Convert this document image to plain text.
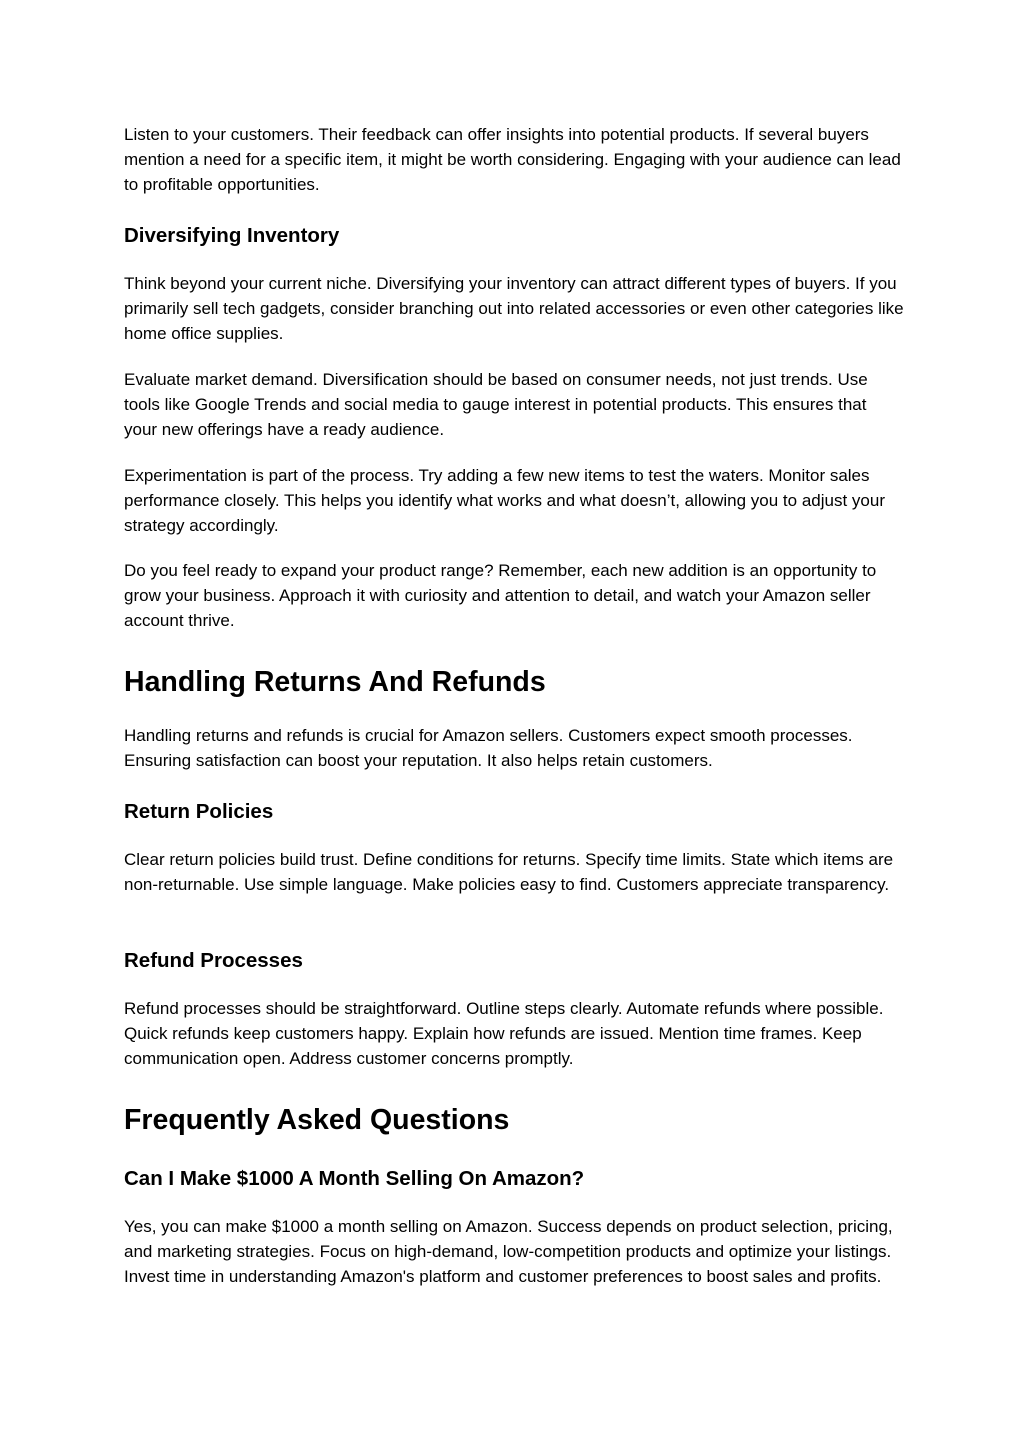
Listen to your customers. Their feedback can offer insights into potential products. If several buyers mention a need for a specific item, it might be worth considering. Engaging with your audience can lead to profitable opportunities.

Diversifying Inventory

Think beyond your current niche. Diversifying your inventory can attract different types of buyers. If you primarily sell tech gadgets, consider branching out into related accessories or even other categories like home office supplies.

Evaluate market demand. Diversification should be based on consumer needs, not just trends. Use tools like Google Trends and social media to gauge interest in potential products. This ensures that your new offerings have a ready audience.

Experimentation is part of the process. Try adding a few new items to test the waters. Monitor sales performance closely. This helps you identify what works and what doesn’t, allowing you to adjust your strategy accordingly.

Do you feel ready to expand your product range? Remember, each new addition is an opportunity to grow your business. Approach it with curiosity and attention to detail, and watch your Amazon seller account thrive.

Handling Returns And Refunds

Handling returns and refunds is crucial for Amazon sellers. Customers expect smooth processes. Ensuring satisfaction can boost your reputation. It also helps retain customers.

Return Policies

Clear return policies build trust. Define conditions for returns. Specify time limits. State which items are non-returnable. Use simple language. Make policies easy to find. Customers appreciate transparency.

Refund Processes

Refund processes should be straightforward. Outline steps clearly. Automate refunds where possible. Quick refunds keep customers happy. Explain how refunds are issued. Mention time frames. Keep communication open. Address customer concerns promptly.

Frequently Asked Questions
Can I Make $1000 A Month Selling On Amazon?

Yes, you can make $1000 a month selling on Amazon. Success depends on product selection, pricing, and marketing strategies. Focus on high-demand, low-competition products and optimize your listings. Invest time in understanding Amazon's platform and customer preferences to boost sales and profits.
